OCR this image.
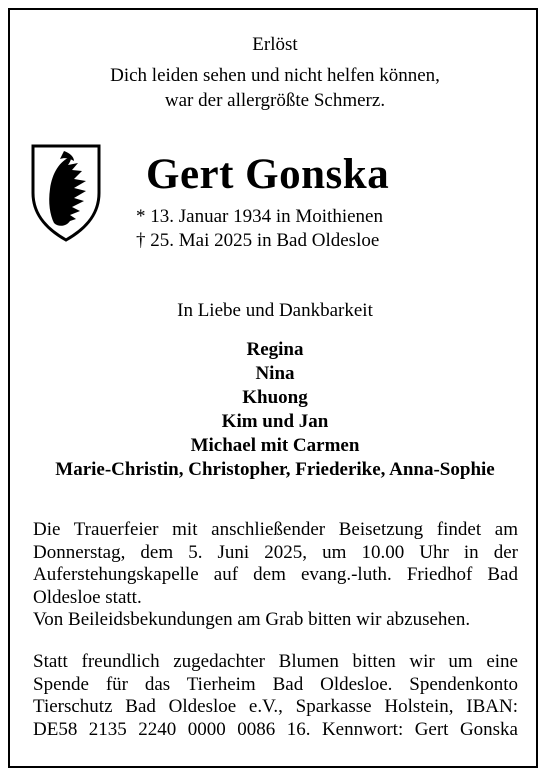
Erlöst
Dich leiden sehen und nicht helfen können,
war der allergrößte Schmerz.
Gert Gonska
* 13. Januar 1934 in Moithienen
† 25. Mai 2025 in Bad Oldesloe
In Liebe und Dankbarkeit
Regina
Nina
Khuong
Kim und Jan
Michael mit Carmen
Marie-Christin, Christopher, Friederike, Anna-Sophie
Die Trauerfeier mit anschließender Beisetzung findet am
Donnerstag, dem 5. Juni 2025, um 10.00 Uhr in der
Auferstehungskapelle auf dem evang.-luth. Friedhof Bad
Oldesloe statt.
Von Beileidsbekundungen am Grab bitten wir abzusehen.
Statt freundlich zugedachter Blumen bitten wir um eine
Spende für das Tierheim Bad Oldesloe. Spendenkonto
Tierschutz Bad Oldesloe e.V., Sparkasse Holstein, IBAN:
DE58 2135 2240 0000 0086 16. Kennwort: Gert Gonska
